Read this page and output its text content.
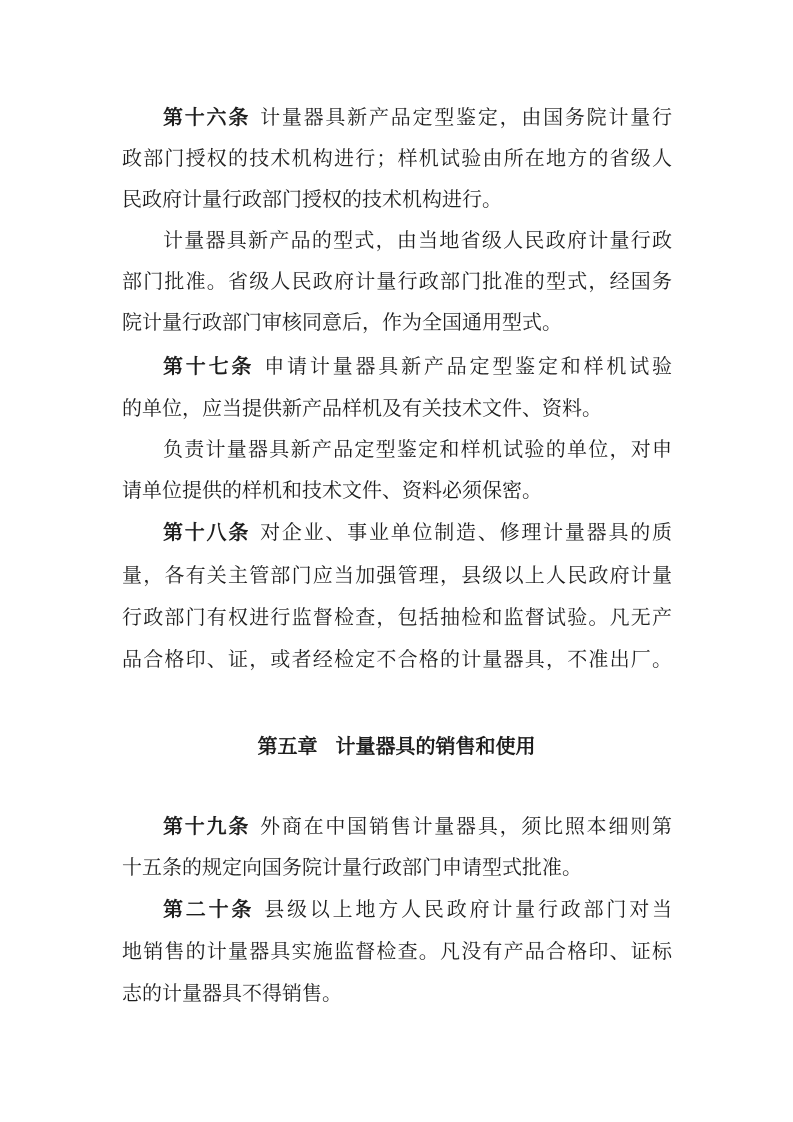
第十六条 计量器具新产品定型鉴定，由国务院计量行
政部门授权的技术机构进行；样机试验由所在地方的省级人
民政府计量行政部门授权的技术机构进行。
计量器具新产品的型式，由当地省级人民政府计量行政
部门批准。省级人民政府计量行政部门批准的型式，经国务
院计量行政部门审核同意后，作为全国通用型式。
第十七条 申请计量器具新产品定型鉴定和样机试验
的单位，应当提供新产品样机及有关技术文件、资料。
负责计量器具新产品定型鉴定和样机试验的单位，对申
请单位提供的样机和技术文件、资料必须保密。
第十八条 对企业、事业单位制造、修理计量器具的质
量，各有关主管部门应当加强管理，县级以上人民政府计量
行政部门有权进行监督检查，包括抽检和监督试验。凡无产
品合格印、证，或者经检定不合格的计量器具，不准出厂。
第五章 计量器具的销售和使用
第十九条 外商在中国销售计量器具，须比照本细则第
十五条的规定向国务院计量行政部门申请型式批准。
第二十条 县级以上地方人民政府计量行政部门对当
地销售的计量器具实施监督检查。凡没有产品合格印、证标
志的计量器具不得销售。
